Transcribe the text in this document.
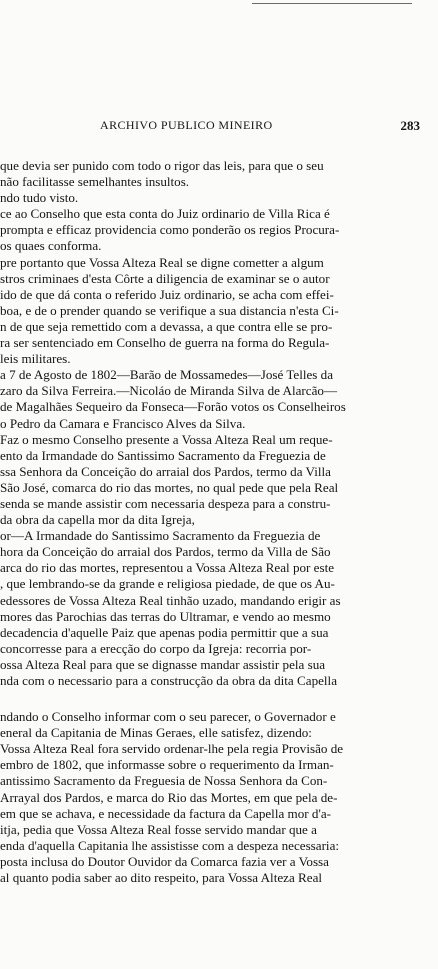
ARCHIVO PUBLICO MINEIRO	283
que devia ser punido com todo o rigor das leis, para que o seu
não facilitasse semelhantes insultos.
ndo tudo visto.
ce ao Conselho que esta conta do Juiz ordinario de Villa Rica é
prompta e efficaz providencia como ponderão os regios Procura-
os quaes conforma.
pre portanto que Vossa Alteza Real se digne cometter a algum
stros criminaes d'esta Côrte a diligencia de examinar se o autor
ido de que dá conta o referido Juiz ordinario, se acha com effei-
boa, e de o prender quando se verifique a sua distancia n'esta Ci-
n de que seja remettido com a devassa, a que contra elle se pro-
ra ser sentenciado em Conselho de guerra na forma do Regula-
leis militares.
a 7 de Agosto de 1802—Barão de Mossamedes—José Telles da
zaro da Silva Ferreira.—Nicoláo de Miranda Silva de Alarcão—
de Magalhães Sequeiro da Fonseca—Forão votos os Conselheiros
o Pedro da Camara e Francisco Alves da Silva.
Faz o mesmo Conselho presente a Vossa Alteza Real um reque-
ento da Irmandade do Santissimo Sacramento da Freguezia de
ssa Senhora da Conceição do arraial dos Pardos, termo da Villa
São José, comarca do rio das mortes, no qual pede que pela Real
senda se mande assistir com necessaria despeza para a constru-
da obra da capella mor da dita Igreja,
or—A Irmandade do Santissimo Sacramento da Freguezia de
hora da Conceição do arraial dos Pardos, termo da Villa de São
arca do rio das mortes, representou a Vossa Alteza Real por este
, que lembrando-se da grande e religiosa piedade, de que os Au-
edessores de Vossa Alteza Real tinhão uzado, mandando erigir as
mores das Parochias das terras do Ultramar, e vendo ao mesmo
decadencia d'aquelle Paiz que apenas podia permittir que a sua
concorresse para a erecção do corpo da Igreja: recorria por-
ossa Alteza Real para que se dignasse mandar assistir pela sua
nda com o necessario para a construcção da obra da dita Capella
ndando o Conselho informar com o seu parecer, o Governador e
eneral da Capitania de Minas Geraes, elle satisfez, dizendo:
Vossa Alteza Real fora servido ordenar-lhe pela regia Provisão de
embro de 1802, que informasse sobre o requerimento da Irman-
antissimo Sacramento da Freguesia de Nossa Senhora da Con-
Arrayal dos Pardos, e marca do Rio das Mortes, em que pela de-
em que se achava, e necessidade da factura da Capella mor d'a-
itja, pedia que Vossa Alteza Real fosse servido mandar que a
enda d'aquella Capitania lhe assistisse com a despeza necessaria:
posta inclusa do Doutor Ouvidor da Comarca fazia ver a Vossa
al quanto podia saber ao dito respeito, para Vossa Alteza Real
